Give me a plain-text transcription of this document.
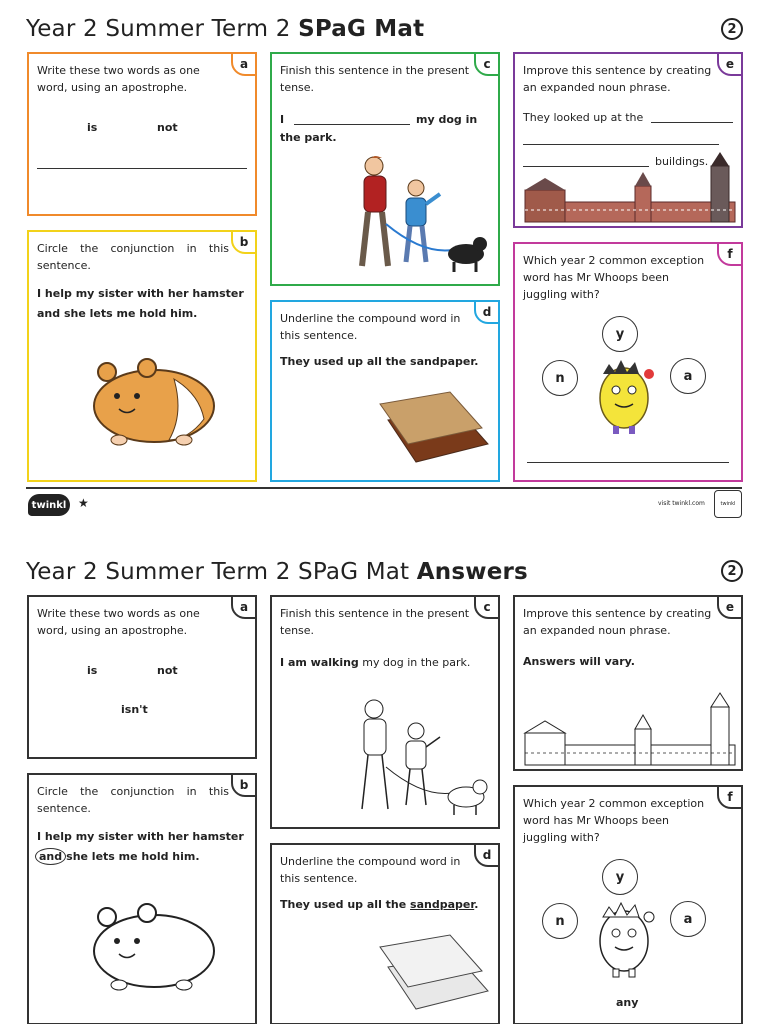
Year 2 Summer Term 2 SPaG Mat	2
a
Write these two words as one word, using an apostrophe.
is	not
b
Circle the conjunction in this sentence.
I help my sister with her hamster
and she lets me hold him.
c
Finish this sentence in the present tense.
I	my dog in
the park.
d
Underline the compound word in this sentence.
They used up all the sandpaper.
e
Improve this sentence by creating an expanded noun phrase.
They looked up at the
buildings.
f
Which year 2 common exception word has Mr Whoops been juggling with?
y
n	a
twinkl ★	visit twinkl.com	twinkl
Year 2 Summer Term 2 SPaG Mat Answers	2
a
Write these two words as one word, using an apostrophe.
is	not
isn't
b
Circle the conjunction in this sentence.
I help my sister with her hamster
and she lets me hold him.
c
Finish this sentence in the present tense.
I am walking my dog in the park.
d
Underline the compound word in this sentence.
They used up all the sandpaper.
e
Improve this sentence by creating an expanded noun phrase.
Answers will vary.
f
Which year 2 common exception word has Mr Whoops been juggling with?
y
n	a
any
